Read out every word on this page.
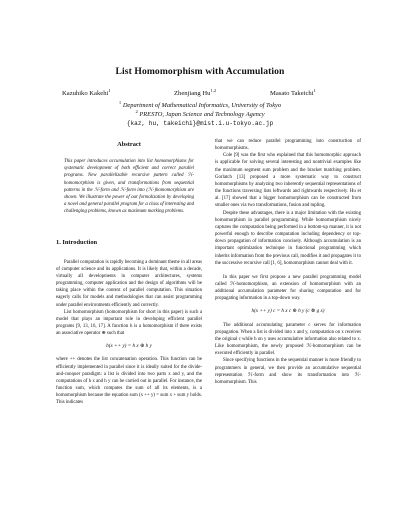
List Homomorphism with Accumulation
Kazuhiko Kakehi$^1$	Zhenjiang Hu$^{1,2}$	Masato Takeichi$^1$
$^1$ Department of Mathematical Informatics, University of Tokyo
$^2$ PRESTO, Japan Science and Technology Agency
{kaz, hu, takeichi}@mist.i.u-tokyo.ac.jp
Abstract

This paper introduces accumulation into list homomorphisms for systematic development of both efficient and correct parallel programs. New parallelizable recursive pattern called ℋ-homomorphism is given, and transformations from sequential patterns in the ℋ-form and ℋ-form into (ℋ-)homomorphism are shown. We illustrate the power of our formalization by developing a novel and general parallel program for a class of interesting and challenging problems, known as maximum marking problems.

1. Introduction

Parallel computation is rapidly becoming a dominant theme in all areas of computer science and its applications. It is likely that, within a decade, virtually all developments in computer architectures, systems programming, computer application and the design of algorithms will be taking place within the context of parallel computation. This situation eagerly calls for models and methodologies that can assist programming under parallel environments efficiently and correctly.

List homomorphism (homomorphism for short in this paper) is such a model that plays an important role in developing efficient parallel programs [9, 13, 16, 17]. A function h is a homomorphism if there exists an associative operator ⊕ such that

h(x ++ y) = h x ⊕ h y

where ++ denotes the list concatenation operation. This function can be efficiently implemented in parallel since it is ideally suited for the divide-and-conquer paradigm: a list is divided into two parts x and y, and the computations of h x and h y can be carried out in parallel. For instance, the function sum, which computes the sum of all its elements, is a homomorphism because the equation sum (x ++ y) = sum x + sum y holds. This indicates

that we can reduce parallel programming into construction of homomorphisms.

Cole [9] was the first who explained that this homomorphic approach is applicable for solving several interesting and nontrivial examples like the maximum segment sum problem and the bracket matching problem. Gorlatch [13] proposed a more systematic way to construct homomorphisms by analyzing two inherently sequential representations of the functions traversing lists leftwards and rightwards respectively. Hu et al. [17] showed that a bigger homomorphism can be constructed from smaller ones via two transformations, fusion and tupling.

Despite these advantages, there is a major limitation with the existing homomorphism in parallel programming. While homomorphism nicely captures the computation being performed in a bottom-up manner, it is not powerful enough to describe computation including dependency or top-down propagation of information concisely. Although accumulation is an important optimization technique in functional programming which inherits information from the previous call, modifies it and propagates it to the successive recursive call [1, 6], homomorphism cannot deal with it.

In this paper we first propose a new parallel programming model called ℋ-homomorphism, an extension of homomorphism with an additional accumulation parameter for sharing computation and for propagating information in a top-down way.

h(x ++ y) c = h x c ⊕ h y (c ⊗ g x)

The additional accumulating parameter c serves for information propagation. When a list is divided into x and y, computation on x receives the original c while h on y uses accumulative information also related to x. Like homomorphism, the newly proposed ℋ-homomorphism can be executed efficiently in parallel.

Since specifying functions in the sequential manner is more friendly to programmers in general, we then provide an accumulative sequential representation ℋ-form and show its transformation into ℋ-homomorphism. This
